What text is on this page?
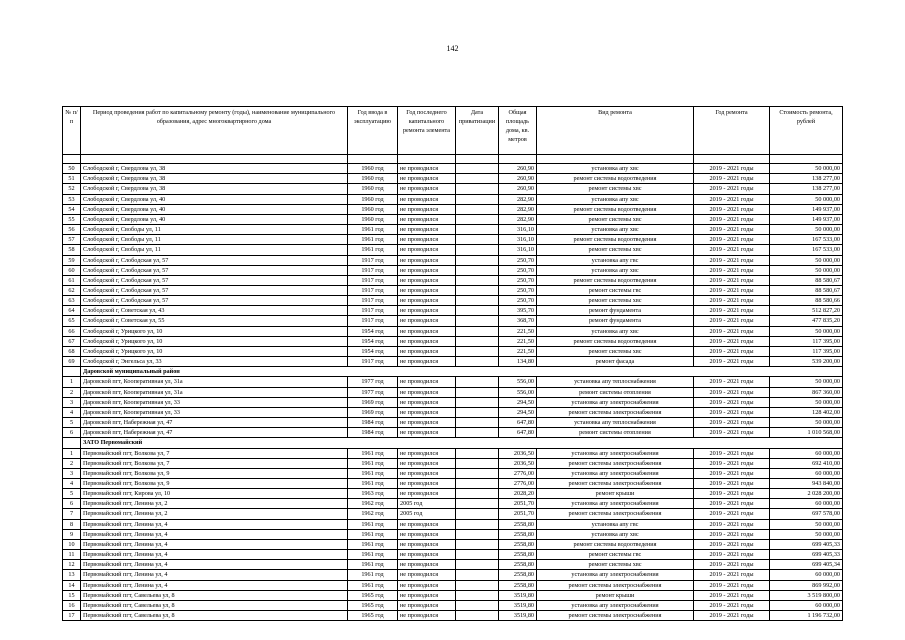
142
№ п/п	Период проведения работ по капитальному ремонту (годы), наименование муниципального образования, адрес многоквартирного дома	Год ввода в эксплуатацию	Год последнего капитального ремонта элемента	Дата приватизации	Общая площадь дома, кв. метров	Вид ремонта	Год ремонта	Стоимость ремонта, рублей

50	Слободской г, Свердлова ул, 38	1960 год	не проводился		260,90	установка апу хвс	2019 - 2021 годы	50 000,00
51	Слободской г, Свердлова ул, 38	1960 год	не проводился		260,90	ремонт системы водоотведения	2019 - 2021 годы	138 277,00
52	Слободской г, Свердлова ул, 38	1960 год	не проводился		260,90	ремонт системы хвс	2019 - 2021 годы	138 277,00
53	Слободской г, Свердлова ул, 40	1960 год	не проводился		282,90	установка апу хвс	2019 - 2021 годы	50 000,00
54	Слободской г, Свердлова ул, 40	1960 год	не проводился		282,90	ремонт системы водоотведения	2019 - 2021 годы	149 937,00
55	Слободской г, Свердлова ул, 40	1960 год	не проводился		282,90	ремонт системы хвс	2019 - 2021 годы	149 937,00
56	Слободской г, Свободы ул, 11	1961 год	не проводился		316,10	установка апу хвс	2019 - 2021 годы	50 000,00
57	Слободской г, Свободы ул, 11	1961 год	не проводился		316,10	ремонт системы водоотведения	2019 - 2021 годы	167 533,00
58	Слободской г, Свободы ул, 11	1961 год	не проводился		316,10	ремонт системы хвс	2019 - 2021 годы	167 533,00
59	Слободской г, Слободская ул, 57	1917 год	не проводился		250,70	установка апу гвс	2019 - 2021 годы	50 000,00
60	Слободской г, Слободская ул, 57	1917 год	не проводился		250,70	установка апу хвс	2019 - 2021 годы	50 000,00
61	Слободской г, Слободская ул, 57	1917 год	не проводился		250,70	ремонт системы водоотведения	2019 - 2021 годы	88 580,67
62	Слободской г, Слободская ул, 57	1917 год	не проводился		250,70	ремонт системы гвс	2019 - 2021 годы	88 580,67
63	Слободской г, Слободская ул, 57	1917 год	не проводился		250,70	ремонт системы хвс	2019 - 2021 годы	88 580,66
64	Слободской г, Советская ул, 43	1917 год	не проводился		395,70	ремонт фундамента	2019 - 2021 годы	512 827,20
65	Слободской г, Советская ул, 55	1917 год	не проводился		368,70	ремонт фундамента	2019 - 2021 годы	477 835,20
66	Слободской г, Урицкого ул, 10	1954 год	не проводился		221,50	установка апу хвс	2019 - 2021 годы	50 000,00
67	Слободской г, Урицкого ул, 10	1954 год	не проводился		221,50	ремонт системы водоотведения	2019 - 2021 годы	117 395,00
68	Слободской г, Урицкого ул, 10	1954 год	не проводился		221,50	ремонт системы хвс	2019 - 2021 годы	117 395,00
69	Слободской г, Энгельса ул, 33	1917 год	не проводился		134,80	ремонт фасада	2019 - 2021 годы	539 200,00
	Даровской муниципальный район							
1	Даровской пгт, Кооперативная ул, 31а	1977 год	не проводился		556,00	установка апу теплоснабжения	2019 - 2021 годы	50 000,00
2	Даровской пгт, Кооперативная ул, 31а	1977 год	не проводился		556,00	ремонт системы отопления	2019 - 2021 годы	867 360,00
3	Даровской пгт, Кооперативная ул, 33	1969 год	не проводился		294,50	установка апу электроснабжения	2019 - 2021 годы	50 000,00
4	Даровской пгт, Кооперативная ул, 33	1969 год	не проводился		294,50	ремонт системы электроснабжения	2019 - 2021 годы	128 402,00
5	Даровской пгт, Набережная ул, 47	1984 год	не проводился		647,80	установка апу теплоснабжения	2019 - 2021 годы	50 000,00
6	Даровской пгт, Набережная ул, 47	1984 год	не проводился		647,80	ремонт системы отопления	2019 - 2021 годы	1 010 568,00
	ЗАТО Первомайский							
1	Первомайский пгт, Волкова ул, 7	1961 год	не проводился		2036,50	установка апу электроснабжения	2019 - 2021 годы	60 000,00
2	Первомайский пгт, Волкова ул, 7	1961 год	не проводился		2036,50	ремонт системы электроснабжения	2019 - 2021 годы	692 410,00
3	Первомайский пгт, Волкова ул, 9	1961 год	не проводился		2776,00	установка апу электроснабжения	2019 - 2021 годы	60 000,00
4	Первомайский пгт, Волкова ул, 9	1961 год	не проводился		2776,00	ремонт системы электроснабжения	2019 - 2021 годы	943 840,00
5	Первомайский пгт, Кирова ул, 10	1963 год	не проводился		2028,20	ремонт крыши	2019 - 2021 годы	2 028 200,00
6	Первомайский пгт, Ленина ул, 2	1962 год	2005 год		2051,70	установка апу электроснабжения	2019 - 2021 годы	60 000,00
7	Первомайский пгт, Ленина ул, 2	1962 год	2005 год		2051,70	ремонт системы электроснабжения	2019 - 2021 годы	697 578,00
8	Первомайский пгт, Ленина ул, 4	1961 год	не проводился		2558,80	установка апу гвс	2019 - 2021 годы	50 000,00
9	Первомайский пгт, Ленина ул, 4	1961 год	не проводился		2558,80	установка апу хвс	2019 - 2021 годы	50 000,00
10	Первомайский пгт, Ленина ул, 4	1961 год	не проводился		2558,80	ремонт системы водоотведения	2019 - 2021 годы	699 405,33
11	Первомайский пгт, Ленина ул, 4	1961 год	не проводился		2558,80	ремонт системы гвс	2019 - 2021 годы	699 405,33
12	Первомайский пгт, Ленина ул, 4	1961 год	не проводился		2558,80	ремонт системы хвс	2019 - 2021 годы	699 405,34
13	Первомайский пгт, Ленина ул, 4	1961 год	не проводился		2558,80	установка апу электроснабжения	2019 - 2021 годы	60 000,00
14	Первомайский пгт, Ленина ул, 4	1961 год	не проводился		2558,80	ремонт системы электроснабжения	2019 - 2021 годы	869 992,00
15	Первомайский пгт, Савельева ул, 8	1965 год	не проводился		3519,80	ремонт крыши	2019 - 2021 годы	3 519 800,00
16	Первомайский пгт, Савельева ул, 8	1965 год	не проводился		3519,80	установка апу электроснабжения	2019 - 2021 годы	60 000,00
17	Первомайский пгт, Савельева ул, 8	1965 год	не проводился		3519,80	ремонт системы электроснабжения	2019 - 2021 годы	1 196 732,00
